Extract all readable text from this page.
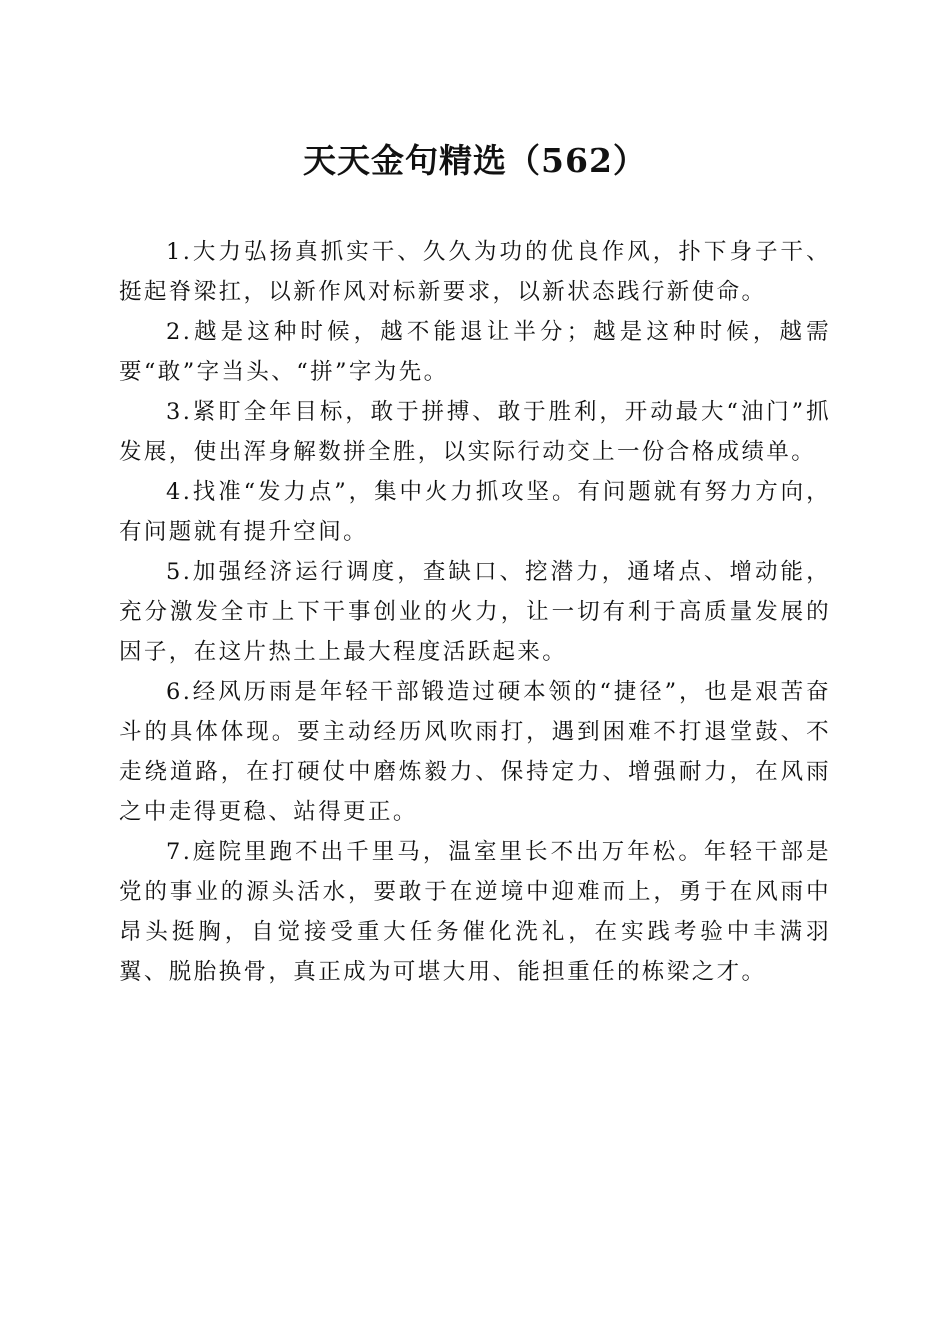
天天金句精选（562）

1.大力弘扬真抓实干、久久为功的优良作风，扑下身子干、挺起脊梁扛，以新作风对标新要求，以新状态践行新使命。

2.越是这种时候，越不能退让半分；越是这种时候，越需要“敢”字当头、“拼”字为先。

3.紧盯全年目标，敢于拼搏、敢于胜利，开动最大“油门”抓发展，使出浑身解数拼全胜，以实际行动交上一份合格成绩单。

4.找准“发力点”，集中火力抓攻坚。有问题就有努力方向，有问题就有提升空间。

5.加强经济运行调度，查缺口、挖潜力，通堵点、增动能，充分激发全市上下干事创业的火力，让一切有利于高质量发展的因子，在这片热土上最大程度活跃起来。

6.经风历雨是年轻干部锻造过硬本领的“捷径”，也是艰苦奋斗的具体体现。要主动经历风吹雨打，遇到困难不打退堂鼓、不走绕道路，在打硬仗中磨炼毅力、保持定力、增强耐力，在风雨之中走得更稳、站得更正。

7.庭院里跑不出千里马，温室里长不出万年松。年轻干部是党的事业的源头活水，要敢于在逆境中迎难而上，勇于在风雨中昂头挺胸，自觉接受重大任务催化洗礼，在实践考验中丰满羽翼、脱胎换骨，真正成为可堪大用、能担重任的栋梁之才。
